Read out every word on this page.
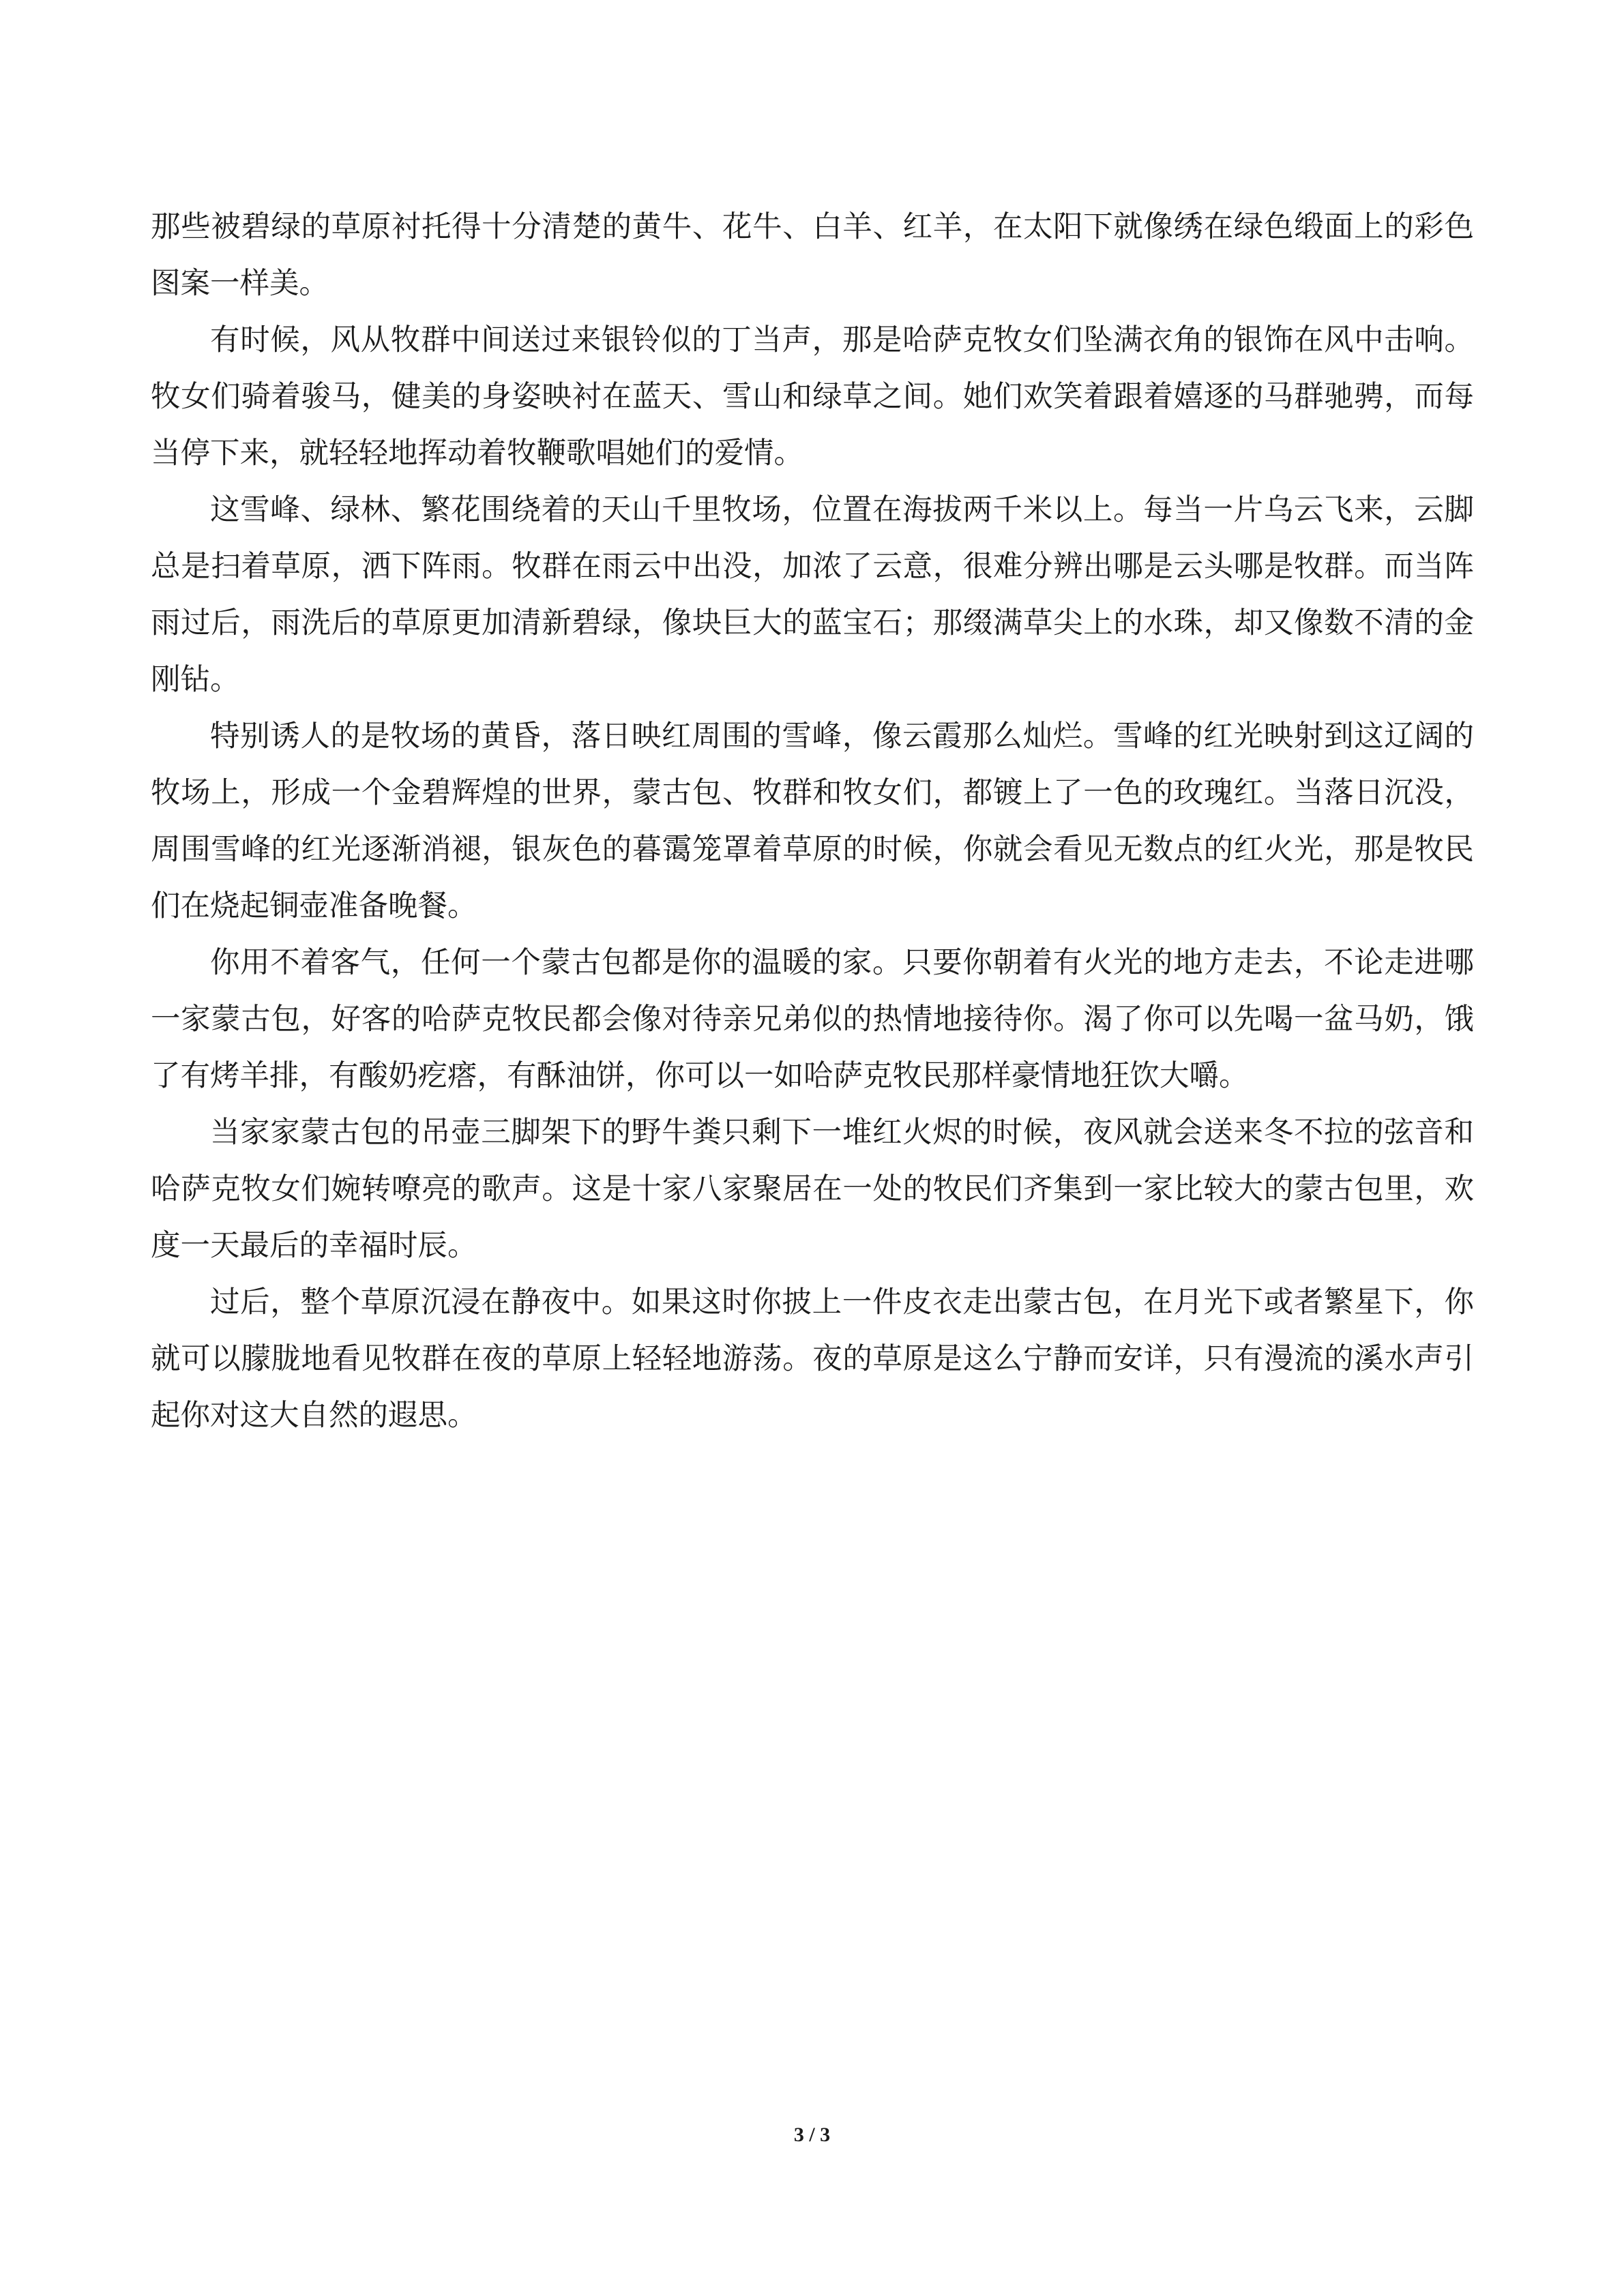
那些被碧绿的草原衬托得十分清楚的黄牛、花牛、白羊、红羊，在太阳下就像绣在绿色缎面上的彩色图案一样美。

有时候，风从牧群中间送过来银铃似的丁当声，那是哈萨克牧女们坠满衣角的银饰在风中击响。牧女们骑着骏马，健美的身姿映衬在蓝天、雪山和绿草之间。她们欢笑着跟着嬉逐的马群驰骋，而每当停下来，就轻轻地挥动着牧鞭歌唱她们的爱情。

这雪峰、绿林、繁花围绕着的天山千里牧场，位置在海拔两千米以上。每当一片乌云飞来，云脚总是扫着草原，洒下阵雨。牧群在雨云中出没，加浓了云意，很难分辨出哪是云头哪是牧群。而当阵雨过后，雨洗后的草原更加清新碧绿，像块巨大的蓝宝石；那缀满草尖上的水珠，却又像数不清的金刚钻。

特别诱人的是牧场的黄昏，落日映红周围的雪峰，像云霞那么灿烂。雪峰的红光映射到这辽阔的牧场上，形成一个金碧辉煌的世界，蒙古包、牧群和牧女们，都镀上了一色的玫瑰红。当落日沉没，周围雪峰的红光逐渐消褪，银灰色的暮霭笼罩着草原的时候，你就会看见无数点的红火光，那是牧民们在烧起铜壶准备晚餐。

你用不着客气，任何一个蒙古包都是你的温暖的家。只要你朝着有火光的地方走去，不论走进哪一家蒙古包，好客的哈萨克牧民都会像对待亲兄弟似的热情地接待你。渴了你可以先喝一盆马奶，饿了有烤羊排，有酸奶疙瘩，有酥油饼，你可以一如哈萨克牧民那样豪情地狂饮大嚼。

当家家蒙古包的吊壶三脚架下的野牛粪只剩下一堆红火烬的时候，夜风就会送来冬不拉的弦音和哈萨克牧女们婉转嘹亮的歌声。这是十家八家聚居在一处的牧民们齐集到一家比较大的蒙古包里，欢度一天最后的幸福时辰。

过后，整个草原沉浸在静夜中。如果这时你披上一件皮衣走出蒙古包，在月光下或者繁星下，你就可以朦胧地看见牧群在夜的草原上轻轻地游荡。夜的草原是这么宁静而安详，只有漫流的溪水声引起你对这大自然的遐思。

3 / 3
